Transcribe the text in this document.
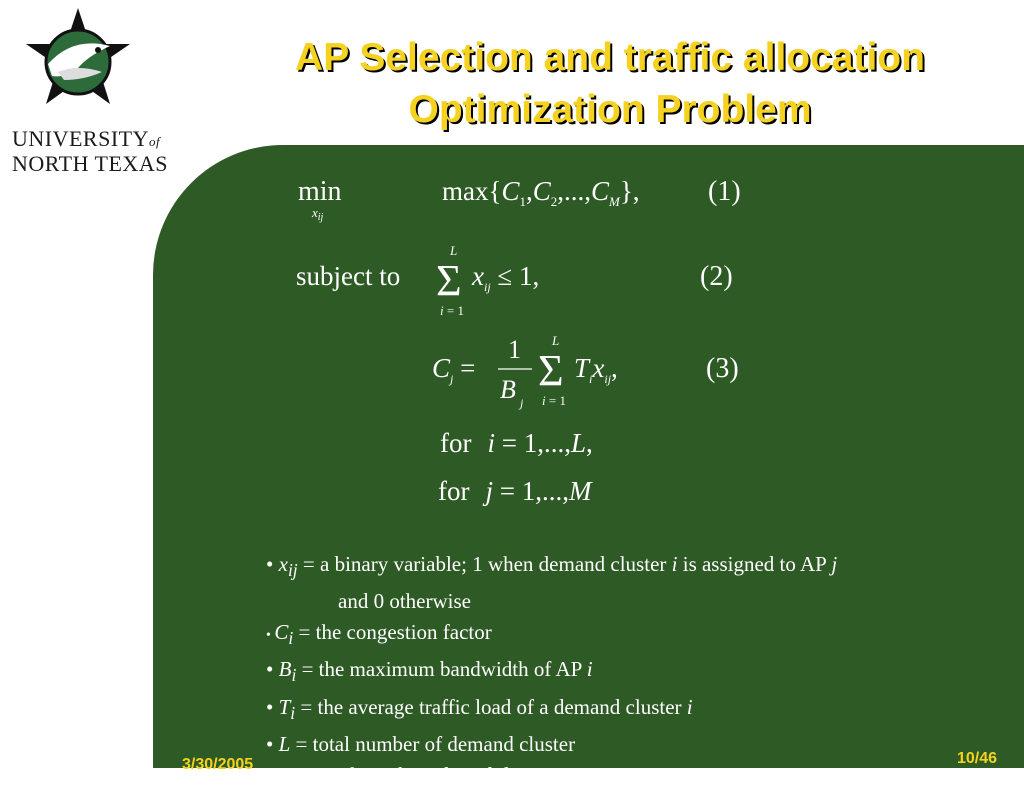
UNIVERSITYof
NORTH TEXAS
AP Selection and traffic allocation
Optimization Problem
min
$x_{ij}$
$\max\{C_1,C_2,...,C_M\}$, (1)
subject to
L
Σ
i = 1
$x_{ij} \le 1$,	(2)
$C_j$ =
1
B j
L
Σ
i = 1
$T_ix_{ij}$,	(3)
for i = 1,...,L,
for j = 1,...,M
• $x_{ij} = a$ binary variable; 1 when demand cluster i is assigned to AP j
and 0 otherwise
• $C_i$ = the congestion factor
• $B_i$ = the maximum bandwidth of AP i
• $T_i$ = the average traffic load of a demand cluster i
• L = total number of demand cluster
• M = total number of candidate APs
3/30/2005	10/46
